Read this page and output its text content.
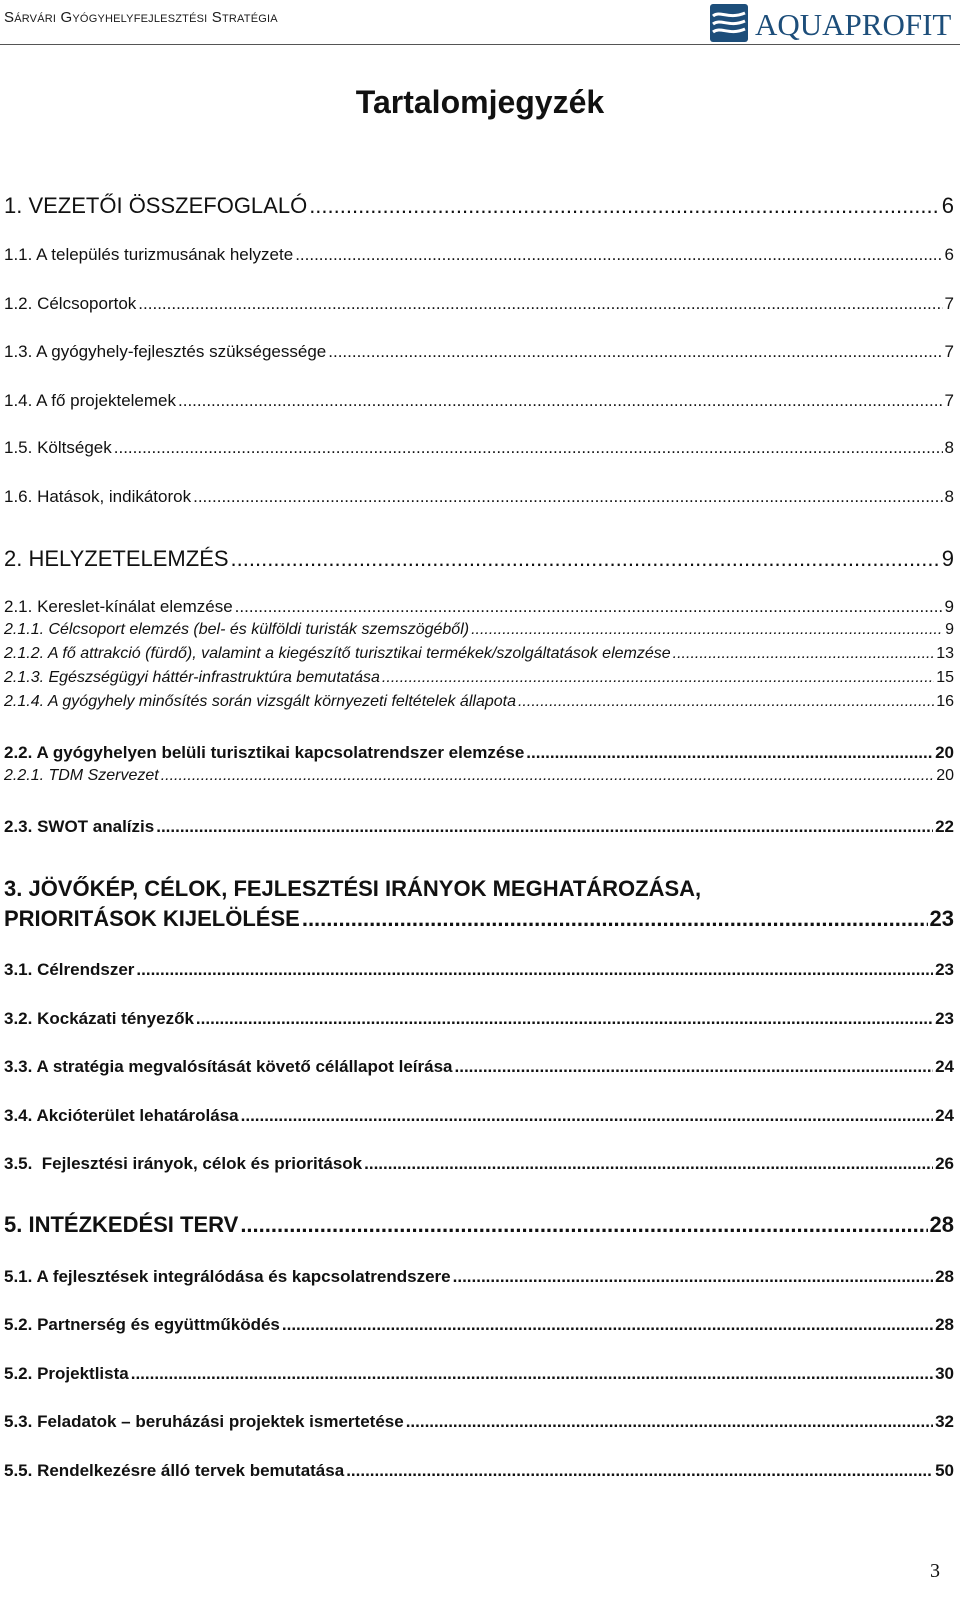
Sárvári Gyógyhelyfejlesztési Stratégia	AQUAPROFIT
Tartalomjegyzék
1. VEZETŐI ÖSSZEFOGLALÓ .....	6
1.1. A település turizmusának helyzete .....	6
1.2. Célcsoportok .....	7
1.3. A gyógyhely-fejlesztés szükségessége .....	7
1.4. A fő projektelemek .....	7
1.5. Költségek .....	8
1.6. Hatások, indikátorok .....	8
2. HELYZETELEMZÉS .....	9
2.1. Kereslet-kínálat elemzése .....	9
2.1.1. Célcsoport elemzés (bel- és külföldi turisták szemszögéből) .....	9
2.1.2. A fő attrakció (fürdő), valamint a kiegészítő turisztikai termékek/szolgáltatások elemzése .....	13
2.1.3. Egészségügyi háttér-infrastruktúra bemutatása .....	15
2.1.4. A gyógyhely minősítés során vizsgált környezeti feltételek állapota .....	16
2.2. A gyógyhelyen belüli turisztikai kapcsolatrendszer elemzése .....	20
2.2.1. TDM Szervezet .....	20
2.3. SWOT analízis .....	22
3. JÖVŐKÉP, CÉLOK, FEJLESZTÉSI IRÁNYOK MEGHATÁROZÁSA,
PRIORITÁSOK KIJELÖLÉSE .....	23
3.1. Célrendszer .....	23
3.2. Kockázati tényezők .....	23
3.3. A stratégia megvalósítását követő célállapot leírása .....	24
3.4. Akcióterület lehatárolása .....	24
3.5.  Fejlesztési irányok, célok és prioritások .....	26
5. INTÉZKEDÉSI TERV .....	28
5.1. A fejlesztések integrálódása és kapcsolatrendszere .....	28
5.2. Partnerség és együttműködés .....	28
5.2. Projektlista .....	30
5.3. Feladatok – beruházási projektek ismertetése .....	32
5.5. Rendelkezésre álló tervek bemutatása .....	50
3
